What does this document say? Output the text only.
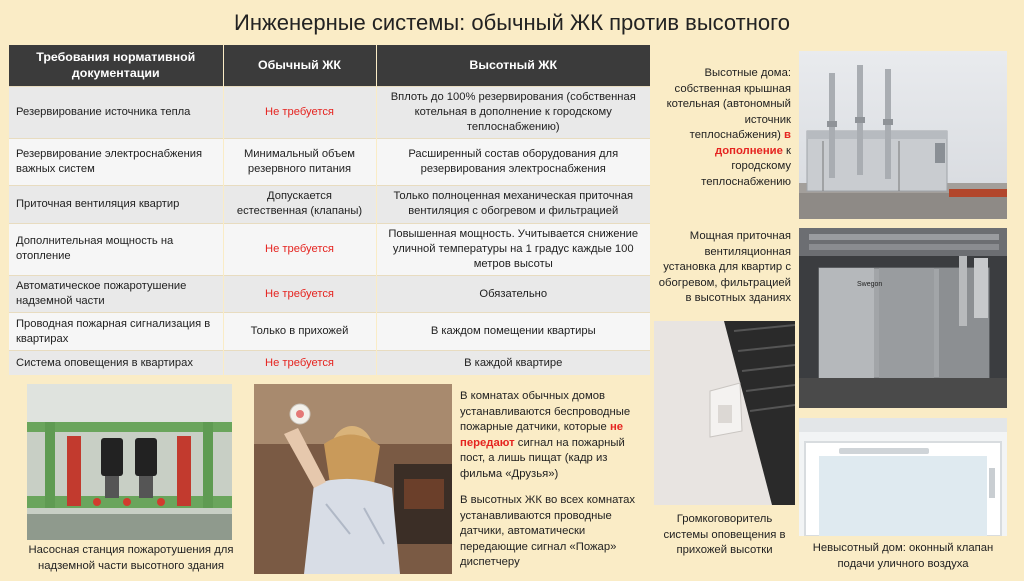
Инженерные системы: обычный ЖК против высотного
Требования нормативной документации	Обычный ЖК	Высотный ЖК
Резервирование источника тепла	Не требуется	Вплоть до 100% резервирования (собственная котельная в дополнение к городскому теплоснабжению)
Резервирование электроснабжения важных систем	Минимальный объем резервного питания	Расширенный состав оборудования для резервирования электроснабжения
Приточная вентиляция квартир	Допускается естественная (клапаны)	Только полноценная механическая приточная вентиляция с обогревом и фильтрацией
Дополнительная мощность на отопление	Не требуется	Повышенная мощность. Учитывается снижение уличной температуры на 1 градус каждые 100 метров высоты
Автоматическое пожаротушение надземной части	Не требуется	Обязательно
Проводная пожарная сигнализация в квартирах	Только в прихожей	В каждом помещении квартиры
Система оповещения в квартирах	Не требуется	В каждой квартире
Высотные дома: собственная крышная котельная (автономный источник теплоснабжения) в дополнение к городскому теплоснабжению
Swegon
Мощная приточная вентиляционная установка для квартир с обогревом, фильтрацией в высотных зданиях
Насосная станция пожаротушения для надземной части высотного здания
В комнатах обычных домов устанавливаются беспроводные пожарные датчики, которые не передают сигнал на пожарный пост, а лишь пищат (кадр из фильма «Друзья»)
В высотных ЖК во всех комнатах устанавливаются проводные датчики, автоматически передающие сигнал «Пожар» диспетчеру
Громкоговоритель системы оповещения в прихожей высотки	Невысотный дом: оконный клапан подачи уличного воздуха
